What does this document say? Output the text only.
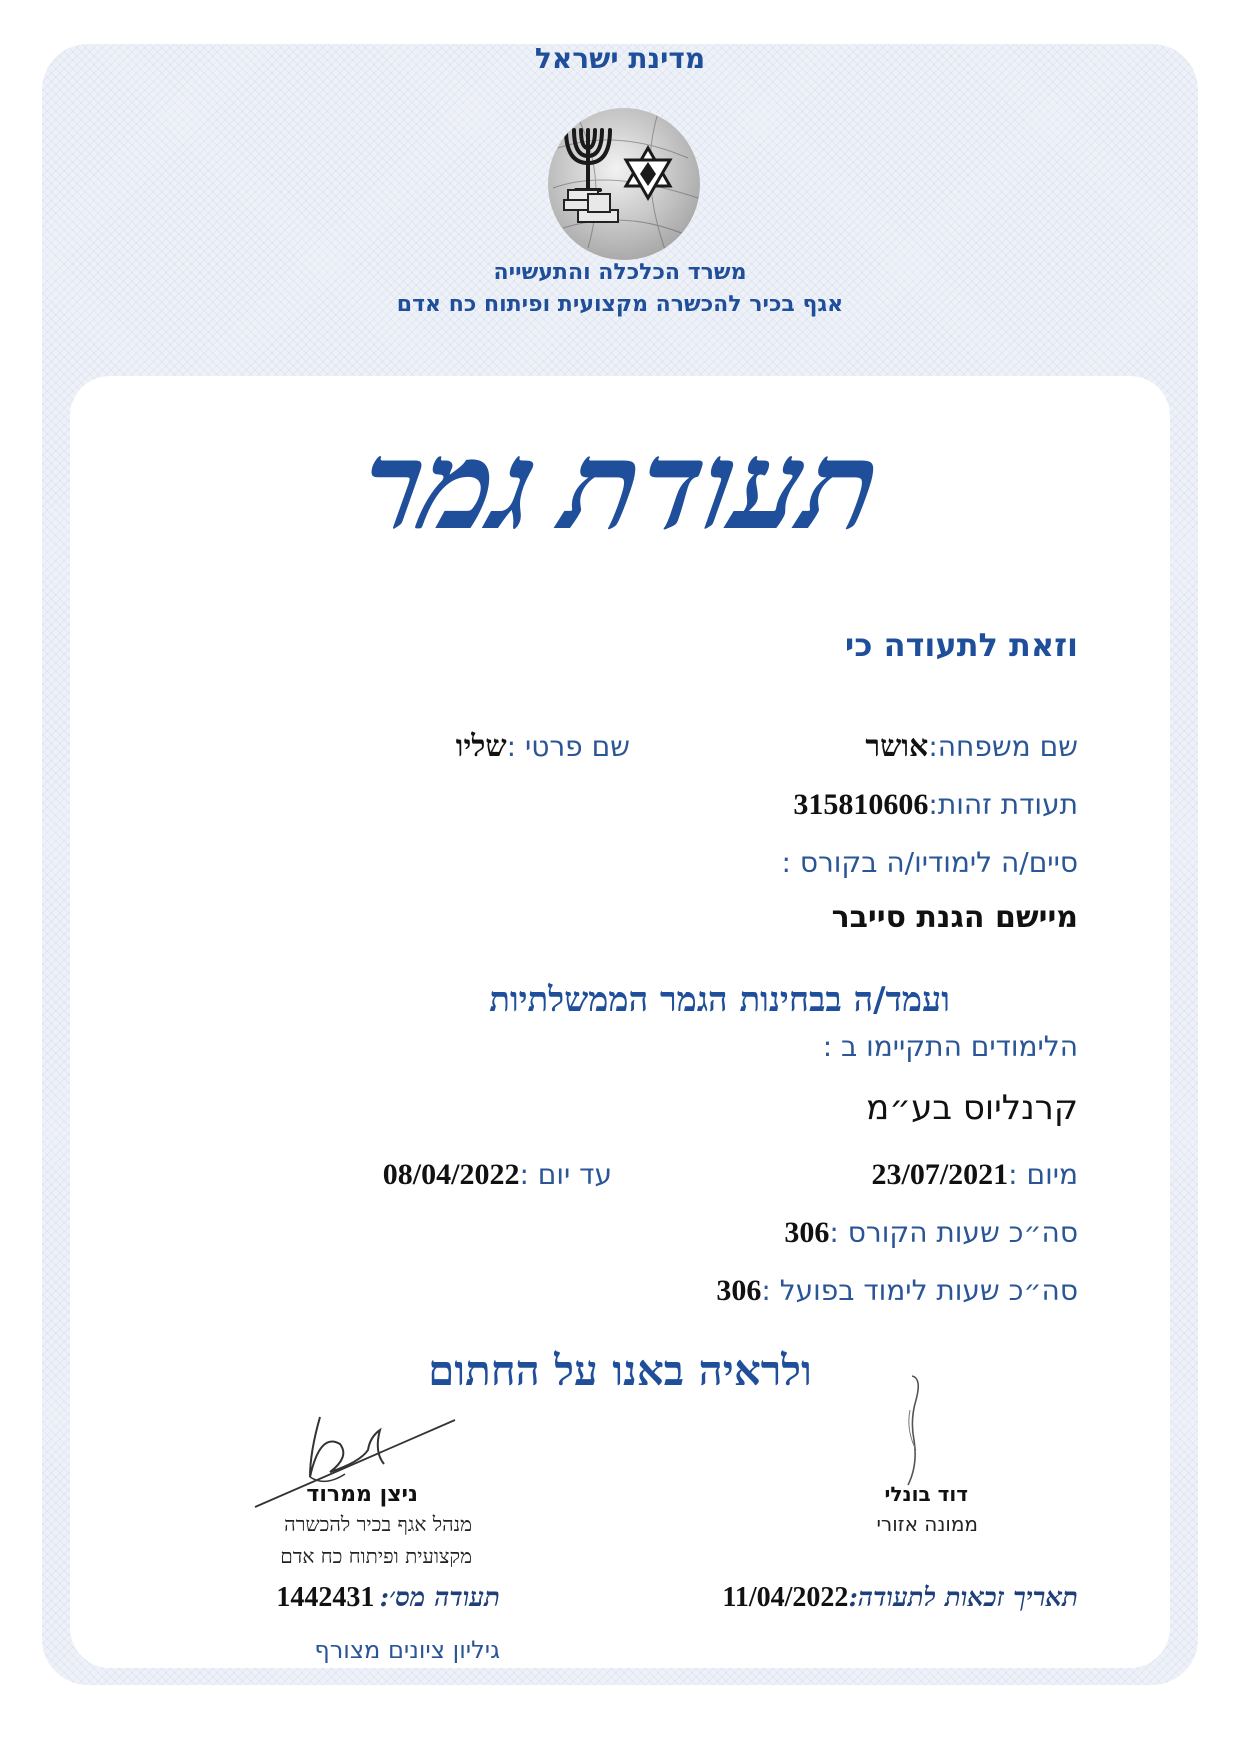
מדינת ישראל
משרד הכלכלה והתעשייה
אגף בכיר להכשרה מקצועית ופיתוח כח אדם
תעודת גמר
וזאת לתעודה כי
שם משפחה:אושר
שם פרטי :שליו
תעודת זהות:315810606
סיים/ה לימודיו/ה בקורס :
מיישם הגנת סייבר
ועמד/ה בבחינות הגמר הממשלתיות
הלימודים התקיימו ב :
קרנליוס בע״מ
מיום :23/07/2021
עד יום :08/04/2022
סה״כ שעות הקורס :306
סה״כ שעות לימוד בפועל :306
ולראיה באנו על החתום
דוד בונלי
ממונה אזורי
ניצן ממרוד
מנהל אגף בכיר להכשרה
מקצועית ופיתוח כח אדם
תאריך זכאות לתעודה:11/04/2022
תעודה מס׳: 1442431
גיליון ציונים מצורף
